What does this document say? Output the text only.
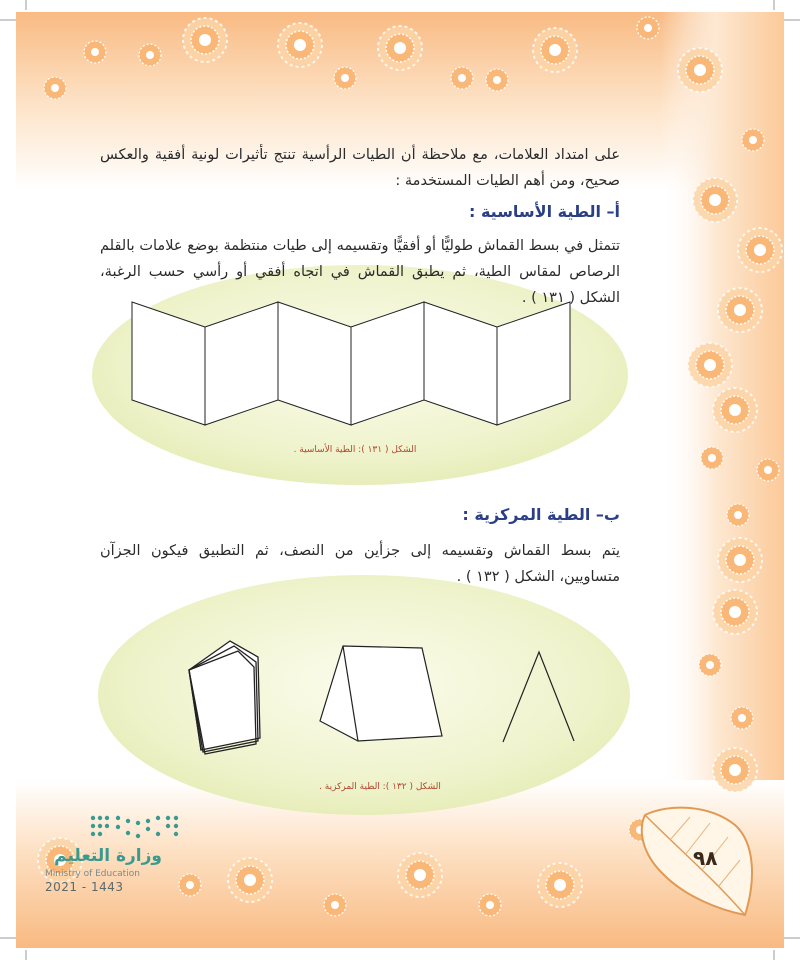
على امتداد العلامات، مع ملاحظة أن الطيات الرأسية تنتج تأثيرات لونية أفقية والعكس صحيح، ومن أهم الطيات المستخدمة :
أ– الطية الأساسية :
تتمثل في بسط القماش طوليًّا أو أفقيًّا وتقسيمه إلى طيات منتظمة بوضع علامات بالقلم الرصاص لمقاس الطية، ثم يطبق القماش في اتجاه أفقي أو رأسي حسب الرغبة، الشكل ( ١٣١ ) .
الشكل ( ١٣١ ): الطية الأساسية .
ب– الطية المركزية :
يتم بسط القماش وتقسيمه إلى جزأين من النصف، ثم التطبيق فيكون الجزآن متساويين، الشكل ( ١٣٢ ) .
الشكل ( ١٣٢ ): الطية المركزية .
وزارة التعليم
Ministry of Education
2021 - 1443
٩٨
